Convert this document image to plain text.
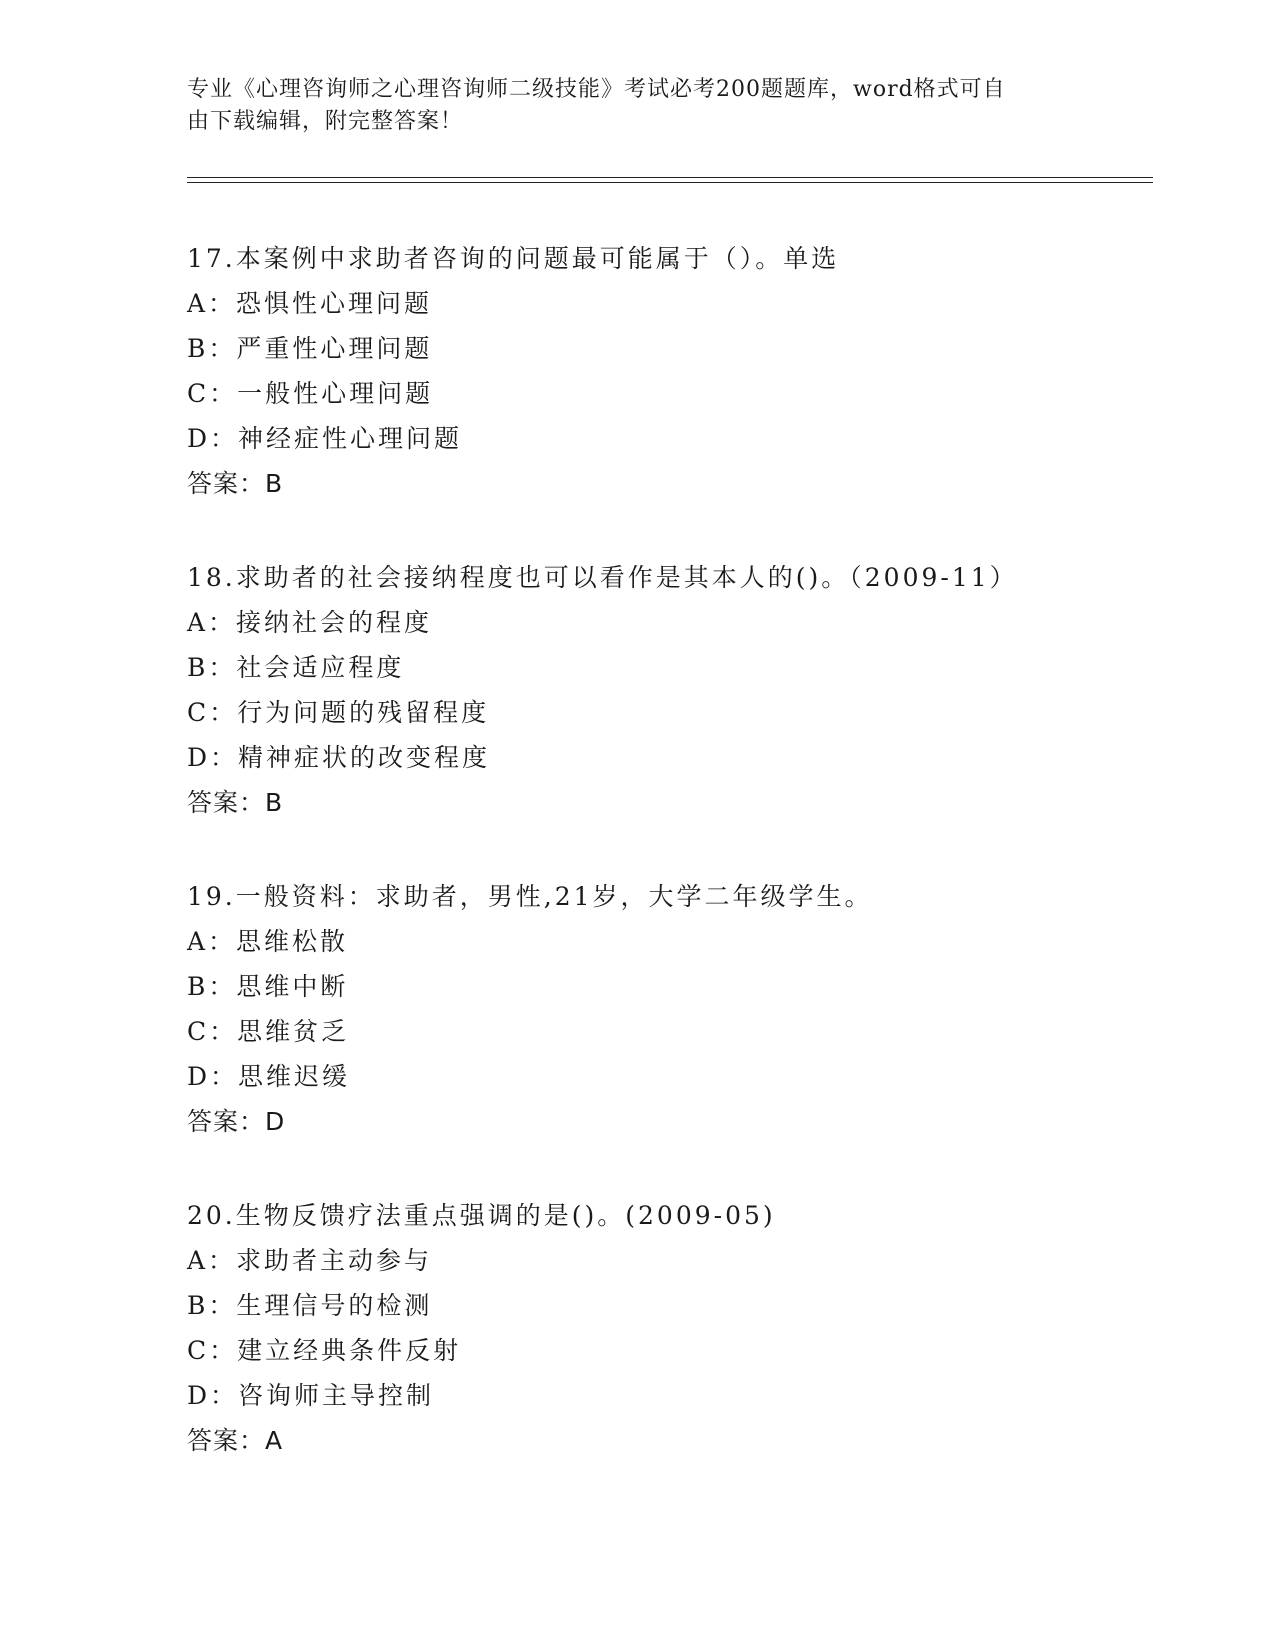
专业《心理咨询师之心理咨询师二级技能》考试必考200题题库，word格式可自
由下载编辑，附完整答案！
17.本案例中求助者咨询的问题最可能属于（）。单选
A：恐惧性心理问题
B：严重性心理问题
C：一般性心理问题
D：神经症性心理问题
答案：B
18.求助者的社会接纳程度也可以看作是其本人的()。（2009-11）
A：接纳社会的程度
B：社会适应程度
C：行为问题的残留程度
D：精神症状的改变程度
答案：B
19.一般资料：求助者，男性,21岁，大学二年级学生。
A：思维松散
B：思维中断
C：思维贫乏
D：思维迟缓
答案：D
20.生物反馈疗法重点强调的是()。(2009-05)
A：求助者主动参与
B：生理信号的检测
C：建立经典条件反射
D：咨询师主导控制
答案：A
